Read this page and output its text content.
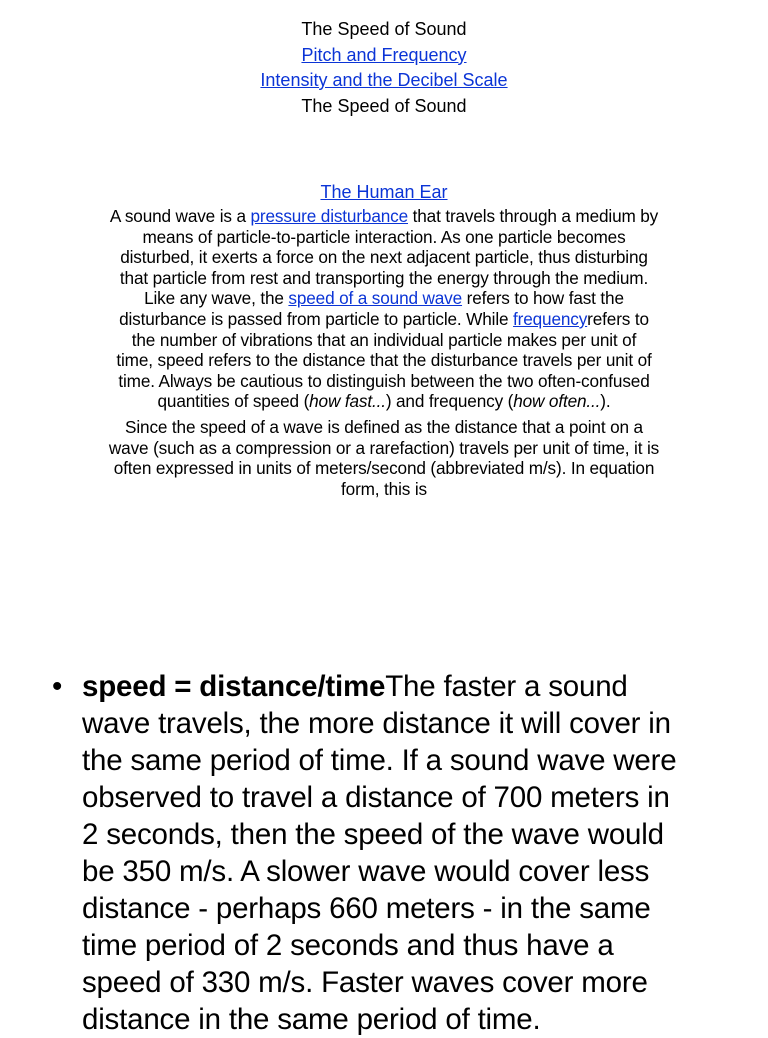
The Speed of Sound
Pitch and Frequency
Intensity and the Decibel Scale
The Speed of Sound
The Human Ear
A sound wave is a pressure disturbance that travels through a medium by
means of particle-to-particle interaction. As one particle becomes
disturbed, it exerts a force on the next adjacent particle, thus disturbing
that particle from rest and transporting the energy through the medium.
Like any wave, the speed of a sound wave refers to how fast the
disturbance is passed from particle to particle. While frequencyrefers to
the number of vibrations that an individual particle makes per unit of
time, speed refers to the distance that the disturbance travels per unit of
time. Always be cautious to distinguish between the two often-confused
quantities of speed (how fast...) and frequency (how often...).
Since the speed of a wave is defined as the distance that a point on a
wave (such as a compression or a rarefaction) travels per unit of time, it is
often expressed in units of meters/second (abbreviated m/s). In equation
form, this is
• speed = distance/timeThe faster a sound
wave travels, the more distance it will cover in
the same period of time. If a sound wave were
observed to travel a distance of 700 meters in
2 seconds, then the speed of the wave would
be 350 m/s. A slower wave would cover less
distance - perhaps 660 meters - in the same
time period of 2 seconds and thus have a
speed of 330 m/s. Faster waves cover more
distance in the same period of time.
